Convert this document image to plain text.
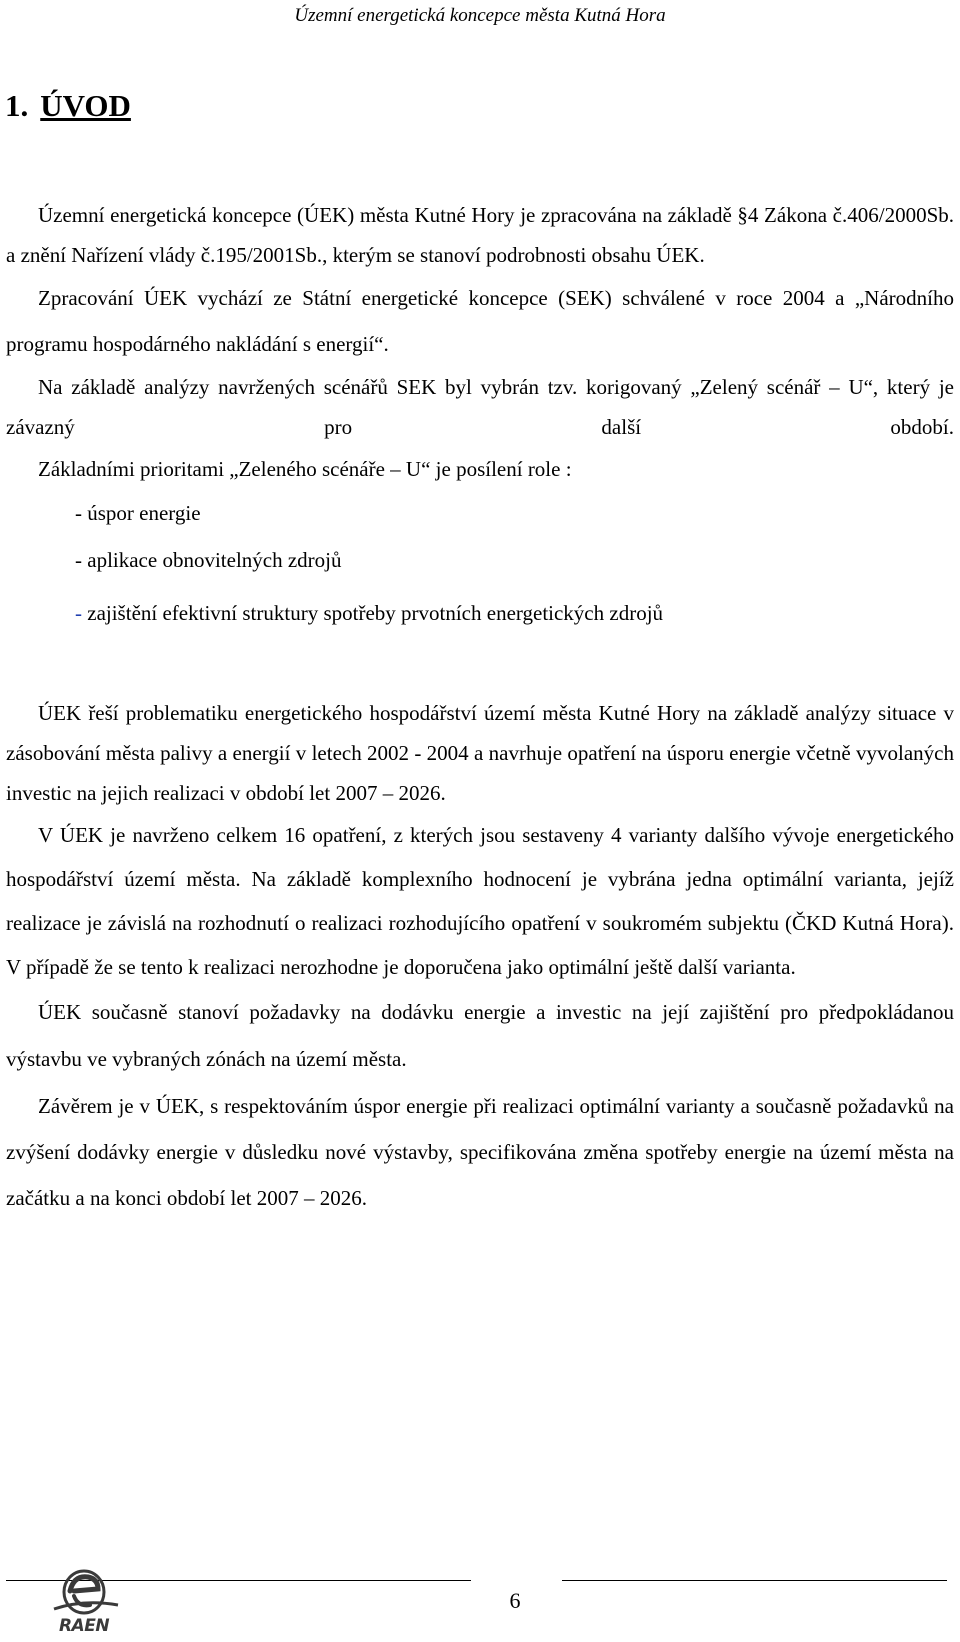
Územní energetická koncepce města Kutná Hora
1. ÚVOD

Územní energetická koncepce (ÚEK) města Kutné Hory je zpracována na základě §4 Zákona č.406/2000Sb. a znění Nařízení vlády č.195/2001Sb., kterým se stanoví podrobnosti obsahu ÚEK.

Zpracování ÚEK vychází ze Státní energetické koncepce (SEK) schválené v roce 2004 a „Národního programu hospodárného nakládání s energií“.

Na základě analýzy navržených scénářů SEK byl vybrán tzv. korigovaný „Zelený scénář – U“, který je závazný pro další období.

Základními prioritami „Zeleného scénáře – U“ je posílení role :

- úspor energie
- aplikace obnovitelných zdrojů
- zajištění efektivní struktury spotřeby prvotních energetických zdrojů

ÚEK řeší problematiku energetického hospodářství území města Kutné Hory na základě analýzy situace v zásobování města palivy a energií v letech 2002 - 2004 a navrhuje opatření na úsporu energie včetně vyvolaných investic na jejich realizaci v období let 2007 – 2026.

V ÚEK je navrženo celkem 16 opatření, z kterých jsou sestaveny 4 varianty dalšího vývoje energetického hospodářství území města. Na základě komplexního hodnocení je vybrána jedna optimální varianta, jejíž realizace je závislá na rozhodnutí o realizaci rozhodujícího opatření v soukromém subjektu (ČKD Kutná Hora). V případě že se tento k realizaci nerozhodne je doporučena jako optimální ještě další varianta.

ÚEK současně stanoví požadavky na dodávku energie a investic na její zajištění pro předpokládanou výstavbu ve vybraných zónách na území města.

Závěrem je v ÚEK, s respektováním úspor energie při realizaci optimální varianty a současně požadavků na zvýšení dodávky energie v důsledku nové výstavby, specifikována změna spotřeby energie na území města na začátku a na konci období let 2007 – 2026.

RAEN
6
